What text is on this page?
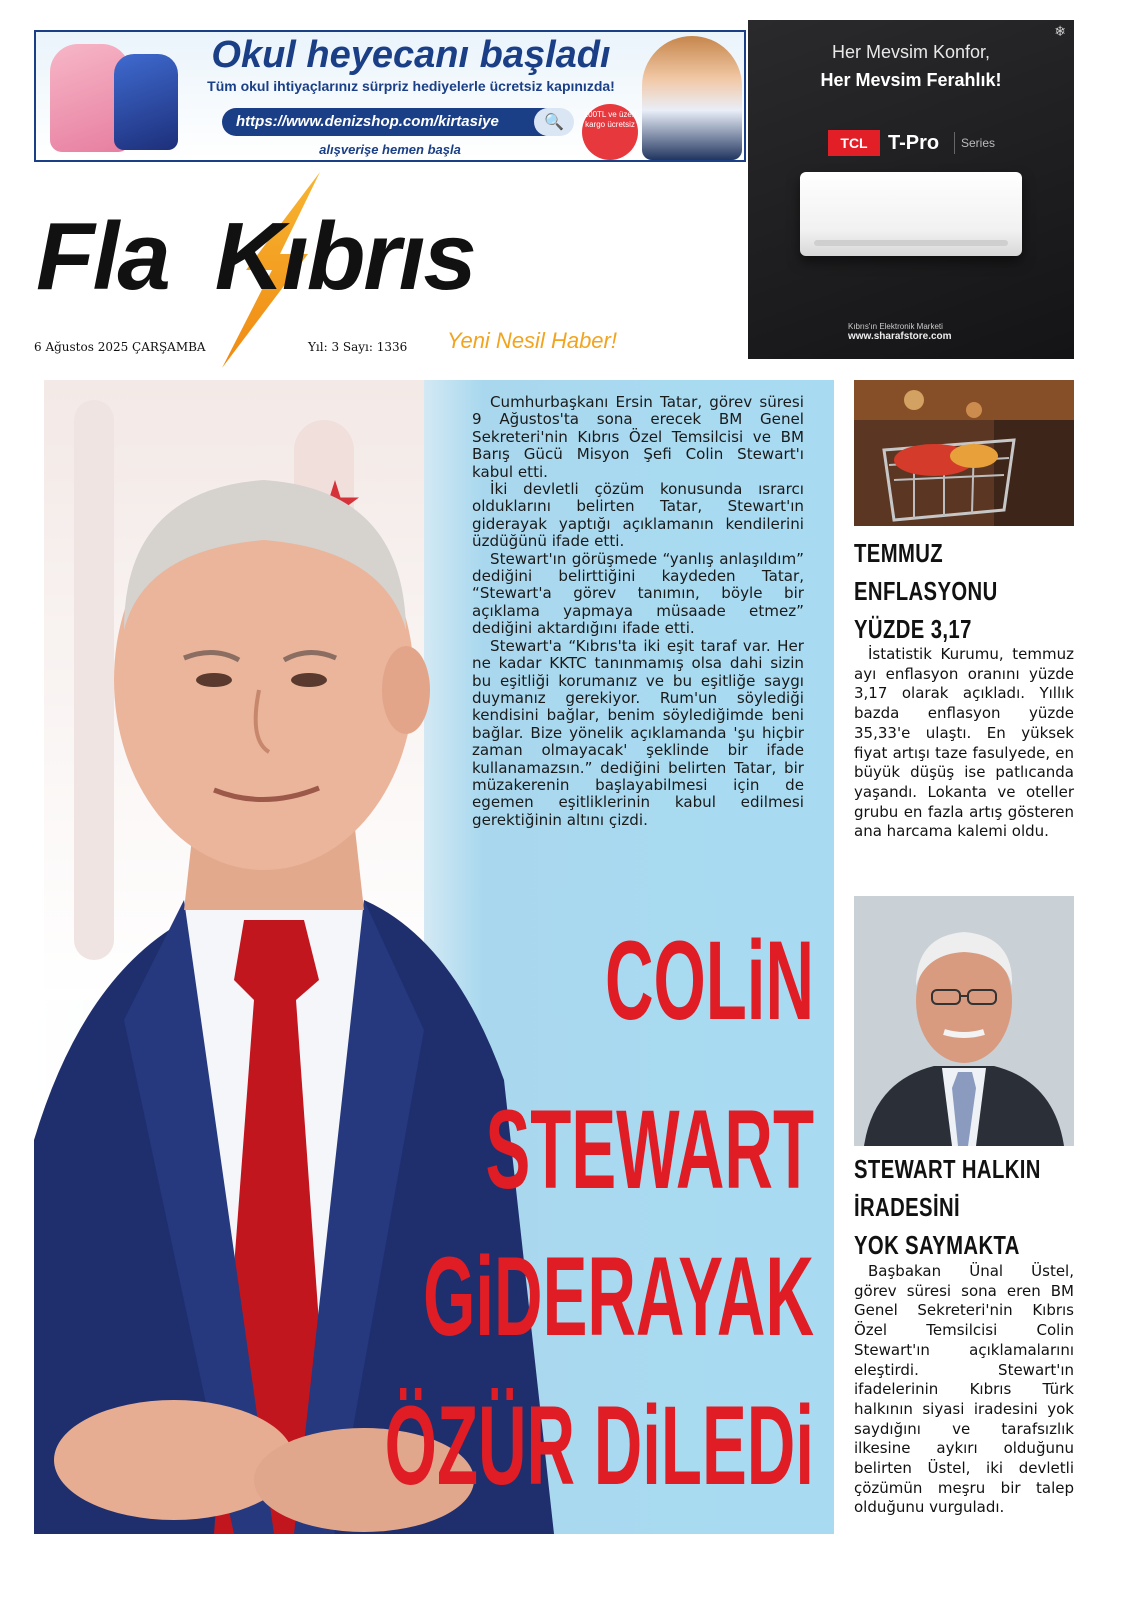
Okul heyecanı başladı
Tüm okul ihtiyaçlarınız sürpriz hediyelerle ücretsiz kapınızda!
https://www.denizshop.com/kirtasiye	🔍
alışverişe hemen başla
100TL ve üzeri kargo ücretsiz
❄
Her Mevsim Konfor,
Her Mevsim Ferahlık!
TCL	T-Pro	Series
Kıbrıs'ın Elektronik Marketi
www.sharafstore.com
Fla Kıbrıs
Yeni Nesil Haber!
6 Ağustos 2025 ÇARŞAMBA	Yıl: 3 Sayı: 1336

Cumhurbaşkanı Ersin Tatar, görev süresi 9 Ağustos'ta sona erecek BM Genel Sekreteri'nin Kıbrıs Özel Temsilcisi ve BM Barış Gücü Misyon Şefi Colin Stewart'ı kabul etti.

İki devletli çözüm konusunda ısrarcı olduklarını belirten Tatar, Stewart'ın giderayak yaptığı açıklamanın kendilerini üzdüğünü ifade etti.

Stewart'ın görüşmede “yanlış anlaşıldım” dediğini belirttiğini kaydeden Tatar, “Stewart'a görev tanımın, böyle bir açıklama yapmaya müsaade etmez” dediğini aktardığını ifade etti.

Stewart'a “Kıbrıs'ta iki eşit taraf var. Her ne kadar KKTC tanınmamış olsa dahi sizin bu eşitliği korumanız ve bu eşitliğe saygı duymanız gerekiyor. Rum'un söylediği kendisini bağlar, benim söylediğimde beni bağlar. Bize yönelik açıklamanda 'şu hiçbir zaman olmayacak' şeklinde bir ifade kullanamazsın.” dediğini belirten Tatar, bir müzakerenin başlayabilmesi için de egemen eşitliklerinin kabul edilmesi gerektiğinin altını çizdi.

COLiN
STEWART
GiDERAYAK
ÖZÜR DiLEDi
TEMMUZ
ENFLASYONU
YÜZDE 3,17

İstatistik Kurumu, temmuz ayı enflasyon oranını yüzde 3,17 olarak açıkladı. Yıllık bazda enflasyon yüzde 35,33'e ulaştı. En yüksek fiyat artışı taze fasulyede, en büyük düşüş ise patlıcanda yaşandı. Lokanta ve oteller grubu en fazla artış gösteren ana harcama kalemi oldu.

STEWART HALKIN
İRADESİNİ
YOK SAYMAKTA

Başbakan Ünal Üstel, görev süresi sona eren BM Genel Sekreteri'nin Kıbrıs Özel Temsilcisi Colin Stewart'ın açıklamalarını eleştirdi. Stewart'ın ifadelerinin Kıbrıs Türk halkının siyasi iradesini yok saydığını ve tarafsızlık ilkesine aykırı olduğunu belirten Üstel, iki devletli çözümün meşru bir talep olduğunu vurguladı.
